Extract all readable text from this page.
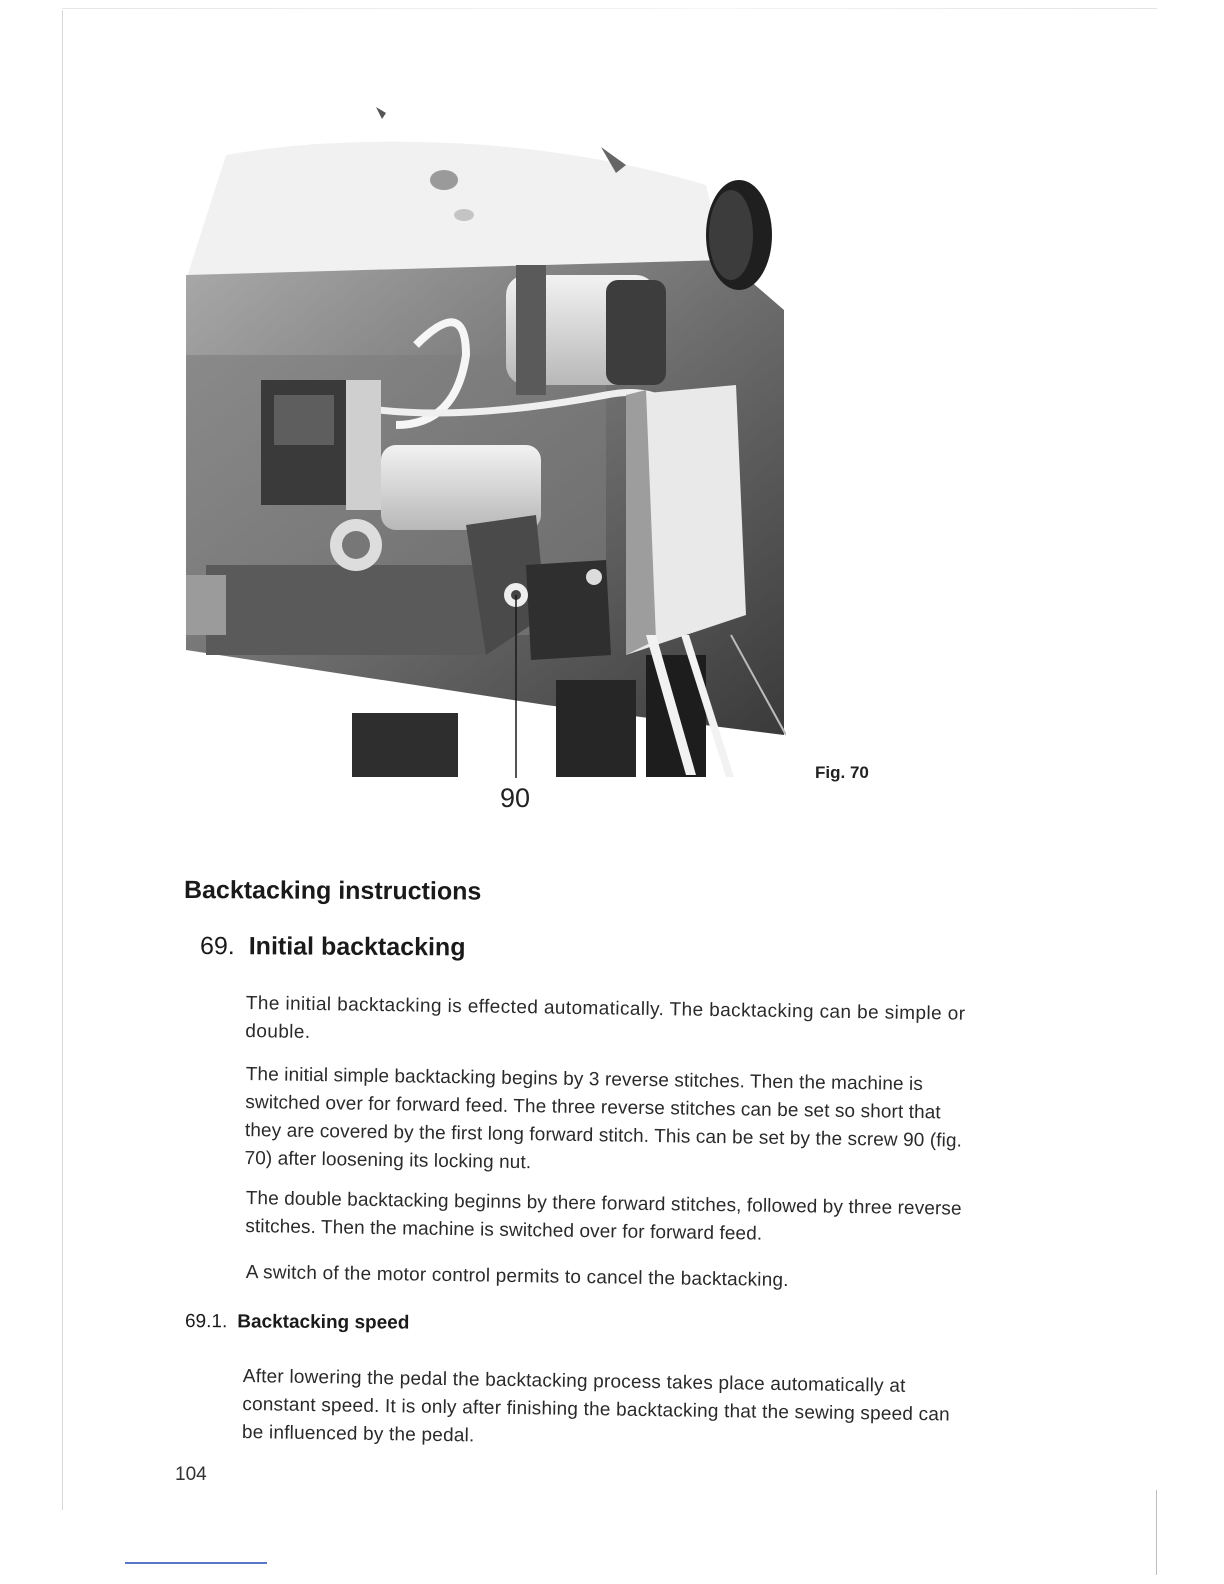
90
Fig. 70
Backtacking instructions
69. Initial backtacking

The initial backtacking is effected automatically. The backtacking can be simple or double.

The initial simple backtacking begins by 3 reverse stitches. Then the machine is switched over for forward feed. The three reverse stitches can be set so short that they are covered by the first long forward stitch. This can be set by the screw 90 (fig. 70) after loosening its locking nut.

The double backtacking beginns by there forward stitches, followed by three reverse stitches. Then the machine is switched over for forward feed.

A switch of the motor control permits to cancel the backtacking.

69.1. Backtacking speed

After lowering the pedal the backtacking process takes place automatically at constant speed. It is only after finishing the backtacking that the sewing speed can be influenced by the pedal.

104
